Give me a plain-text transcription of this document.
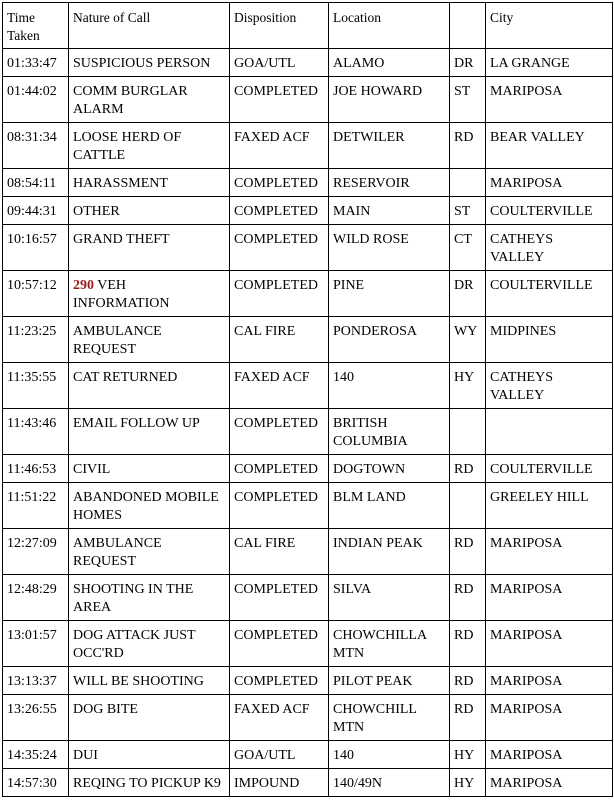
Time Taken	Nature of Call	Disposition	Location		City
01:33:47	SUSPICIOUS PERSON	GOA/UTL	ALAMO	DR	LA GRANGE
01:44:02	COMM BURGLAR ALARM	COMPLETED	JOE HOWARD	ST	MARIPOSA
08:31:34	LOOSE HERD OF CATTLE	FAXED ACF	DETWILER	RD	BEAR VALLEY
08:54:11	HARASSMENT	COMPLETED	RESERVOIR		MARIPOSA
09:44:31	OTHER	COMPLETED	MAIN	ST	COULTERVILLE
10:16:57	GRAND THEFT	COMPLETED	WILD ROSE	CT	CATHEYS VALLEY
10:57:12	290 VEH INFORMATION	COMPLETED	PINE	DR	COULTERVILLE
11:23:25	AMBULANCE REQUEST	CAL FIRE	PONDEROSA	WY	MIDPINES
11:35:55	CAT RETURNED	FAXED ACF	140	HY	CATHEYS VALLEY
11:43:46	EMAIL FOLLOW UP	COMPLETED	BRITISH COLUMBIA		
11:46:53	CIVIL	COMPLETED	DOGTOWN	RD	COULTERVILLE
11:51:22	ABANDONED MOBILE HOMES	COMPLETED	BLM LAND		GREELEY HILL
12:27:09	AMBULANCE REQUEST	CAL FIRE	INDIAN PEAK	RD	MARIPOSA
12:48:29	SHOOTING IN THE AREA	COMPLETED	SILVA	RD	MARIPOSA
13:01:57	DOG ATTACK JUST OCC'RD	COMPLETED	CHOWCHILLA MTN	RD	MARIPOSA
13:13:37	WILL BE SHOOTING	COMPLETED	PILOT PEAK	RD	MARIPOSA
13:26:55	DOG BITE	FAXED ACF	CHOWCHILL MTN	RD	MARIPOSA
14:35:24	DUI	GOA/UTL	140	HY	MARIPOSA
14:57:30	REQING TO PICKUP K9	IMPOUND	140/49N	HY	MARIPOSA
